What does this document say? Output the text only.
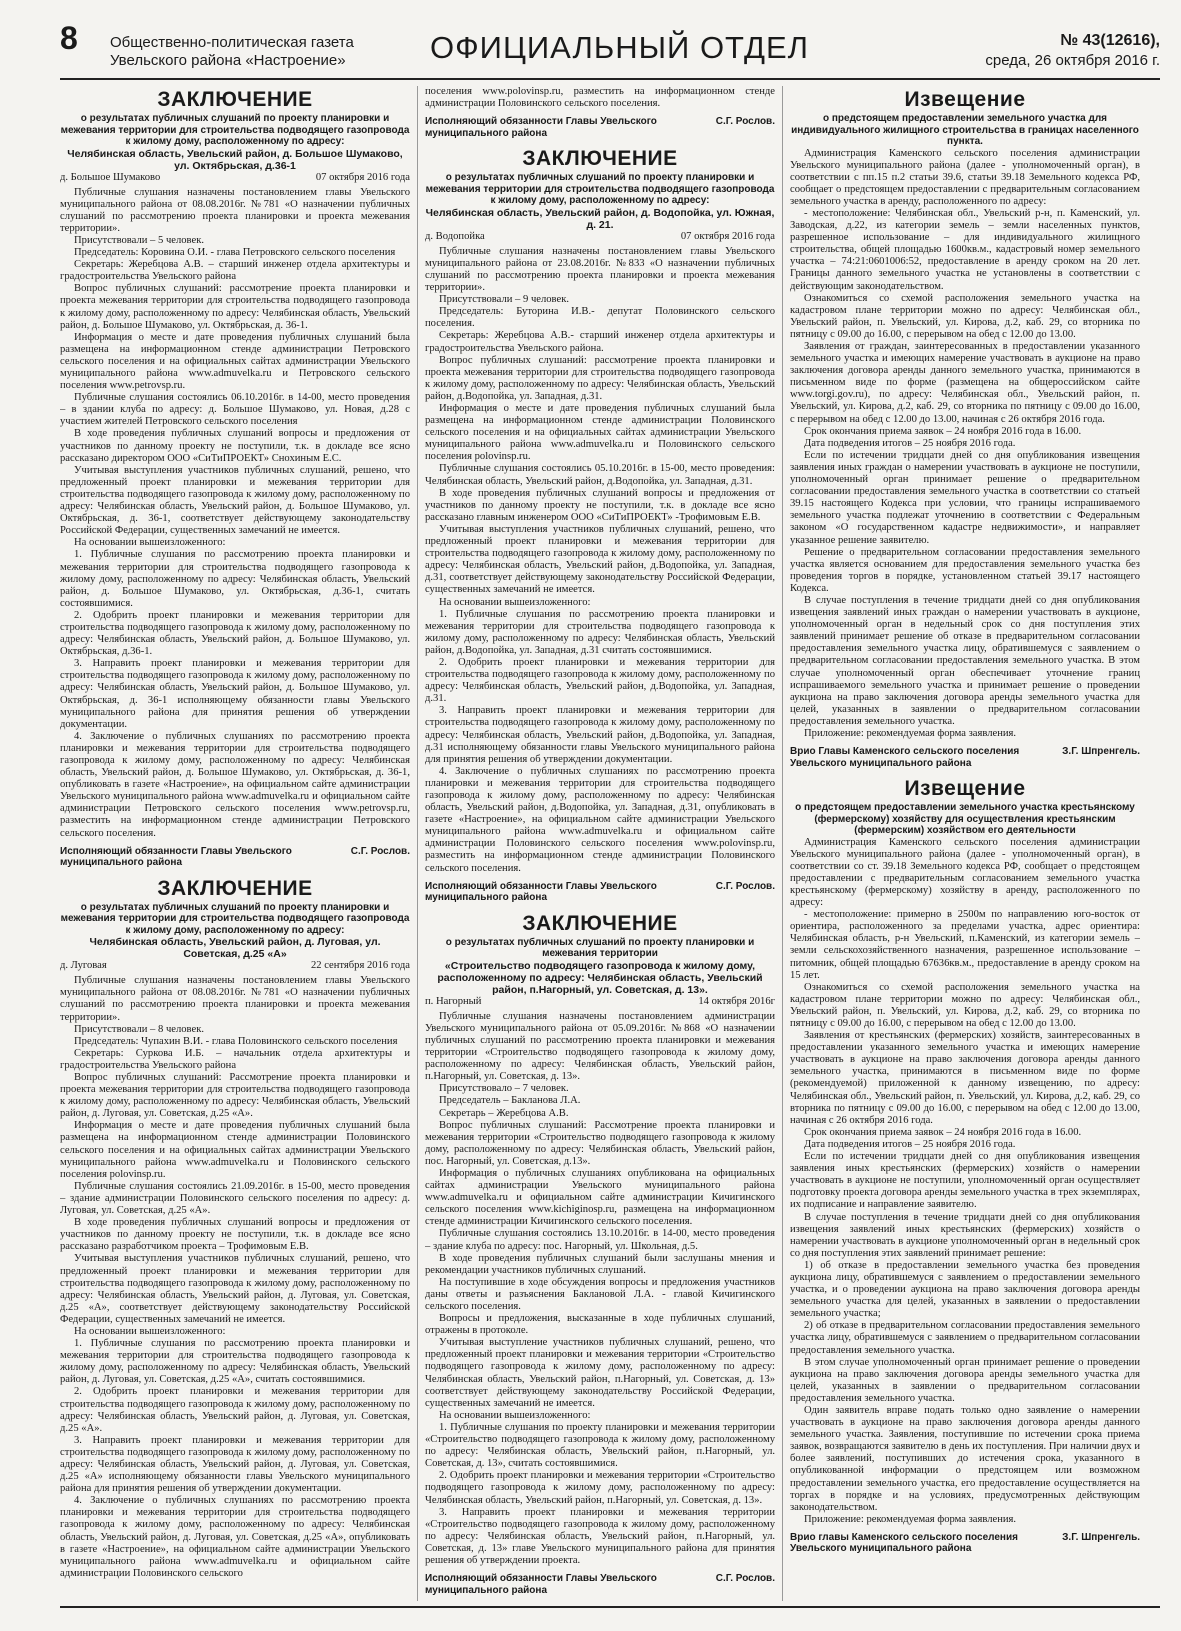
8 Общественно-политическая газета
Увельского района «Настроение»	ОФИЦИАЛЬНЫЙ ОТДЕЛ	№ 43(12616),
среда, 26 октября 2016 г.
ЗАКЛЮЧЕНИЕ
о результатах публичных слушаний по проекту планировки и межевания территории для строительства подводящего газопровода к жилому дому, расположенному по адресу:
Челябинская область, Увельский район, д. Большое Шумаково, ул. Октябрьская, д.36-1
д. Большое Шумаково	07 октября 2016 года

Публичные слушания назначены постановлением главы Увельского муниципального района от 08.08.2016г. №781 «О назначении публичных слушаний по рассмотрению проекта планировки и проекта межевания территории».

Присутствовали – 5 человек.

Председатель: Коровина О.И. - глава Петровского сельского поселения

Секретарь: Жеребцова А.В. – старший инженер отдела архитектуры и градостроительства Увельского района

Вопрос публичных слушаний: рассмотрение проекта планировки и проекта межевания территории для строительства подводящего газопровода к жилому дому, расположенному по адресу: Челябинская область, Увельский район, д. Большое Шумаково, ул. Октябрьская, д. 36-1.

Информация о месте и дате проведения публичных слушаний была размещена на информационном стенде администрации Петровского сельского поселения и на официальных сайтах администрации Увельского муниципального района www.admuvelka.ru и Петровского сельского поселения www.petrovsp.ru.

Публичные слушания состоялись 06.10.2016г. в 14-00, место проведения – в здании клуба по адресу: д. Большое Шумаково, ул. Новая, д.28 с участием жителей Петровского сельского поселения

В ходе проведения публичных слушаний вопросы и предложения от участников по данному проекту не поступили, т.к. в докладе все ясно рассказано директором ООО «СиТиПРОЕКТ» Снохиным Е.С.

Учитывая выступления участников публичных слушаний, решено, что предложенный проект планировки и межевания территории для строительства подводящего газопровода к жилому дому, расположенному по адресу: Челябинская область, Увельский район, д. Большое Шумаково, ул. Октябрьская, д. 36-1, соответствует действующему законодательству Российской Федерации, существенных замечаний не имеется.

На основании вышеизложенного:

1. Публичные слушания по рассмотрению проекта планировки и межевания территории для строительства подводящего газопровода к жилому дому, расположенному по адресу: Челябинская область, Увельский район, д. Большое Шумаково, ул. Октябрьская, д.36-1, считать состоявшимися.

2. Одобрить проект планировки и межевания территории для строительства подводящего газопровода к жилому дому, расположенному по адресу: Челябинская область, Увельский район, д. Большое Шумаково, ул. Октябрьская, д.36-1.

3. Направить проект планировки и межевания территории для строительства подводящего газопровода к жилому дому, расположенному по адресу: Челябинская область, Увельский район, д. Большое Шумаково, ул. Октябрьская, д. 36-1 исполняющему обязанности главы Увельского муниципального района для принятия решения об утверждении документации.

4. Заключение о публичных слушаниях по рассмотрению проекта планировки и межевания территории для строительства подводящего газопровода к жилому дому, расположенному по адресу: Челябинская область, Увельский район, д. Большое Шумаково, ул. Октябрьская, д. 36-1, опубликовать в газете «Настроение», на официальном сайте администрации Увельского муниципального района www.admuvelka.ru и официальном сайте администрации Петровского сельского поселения www.petrovsp.ru, разместить на информационном стенде администрации Петровского сельского поселения.

Исполняющий обязанности Главы Увельского муниципального района
С.Г. Рослов.
ЗАКЛЮЧЕНИЕ
о результатах публичных слушаний по проекту планировки и межевания территории для строительства подводящего газопровода к жилому дому, расположенному по адресу:
Челябинская область, Увельский район, д. Луговая, ул. Советская, д.25 «А»
д. Луговая	22 сентября 2016 года

Публичные слушания назначены постановлением главы Увельского муниципального района от 08.08.2016г. №781 «О назначении публичных слушаний по рассмотрению проекта планировки и проекта межевания территории».

Присутствовали – 8 человек.

Председатель: Чупахин В.И. - глава Половинского сельского поселения

Секретарь: Суркова И.Б. – начальник отдела архитектуры и градостроительства Увельского района

Вопрос публичных слушаний: Рассмотрение проекта планировки и проекта межевания территории для строительства подводящего газопровода к жилому дому, расположенному по адресу: Челябинская область, Увельский район, д. Луговая, ул. Советская, д.25 «А».

Информация о месте и дате проведения публичных слушаний была размещена на информационном стенде администрации Половинского сельского поселения и на официальных сайтах администрации Увельского муниципального района www.admuvelka.ru и Половинского сельского поселения polovinsp.ru.

Публичные слушания состоялись 21.09.2016г. в 15-00, место проведения – здание администрации Половинского сельского поселения по адресу: д. Луговая, ул. Советская, д.25 «А».

В ходе проведения публичных слушаний вопросы и предложения от участников по данному проекту не поступили, т.к. в докладе все ясно рассказано разработчиком проекта – Трофимовым Е.В.

Учитывая выступления участников публичных слушаний, решено, что предложенный проект планировки и межевания территории для строительства подводящего газопровода к жилому дому, расположенному по адресу: Челябинская область, Увельский район, д. Луговая, ул. Советская, д.25 «А», соответствует действующему законодательству Российской Федерации, существенных замечаний не имеется.

На основании вышеизложенного:

1. Публичные слушания по рассмотрению проекта планировки и межевания территории для строительства подводящего газопровода к жилому дому, расположенному по адресу: Челябинская область, Увельский район, д. Луговая, ул. Советская, д.25 «А», считать состоявшимися.

2. Одобрить проект планировки и межевания территории для строительства подводящего газопровода к жилому дому, расположенному по адресу: Челябинская область, Увельский район, д. Луговая, ул. Советская, д.25 «А».

3. Направить проект планировки и межевания территории для строительства подводящего газопровода к жилому дому, расположенному по адресу: Челябинская область, Увельский район, д. Луговая, ул. Советская, д.25 «А» исполняющему обязанности главы Увельского муниципального района для принятия решения об утверждении документации.

4. Заключение о публичных слушаниях по рассмотрению проекта планировки и межевания территории для строительства подводящего газопровода к жилому дому, расположенному по адресу: Челябинская область, Увельский район, д. Луговая, ул. Советская, д.25 «А», опубликовать в газете «Настроение», на официальном сайте администрации Увельского муниципального района www.admuvelka.ru и официальном сайте администрации Половинского сельского

поселения www.polovinsp.ru, разместить на информационном стенде администрации Половинского сельского поселения.

Исполняющий обязанности Главы Увельского муниципального района
С.Г. Рослов.
ЗАКЛЮЧЕНИЕ
о результатах публичных слушаний по проекту планировки и межевания территории для строительства подводящего газопровода к жилому дому, расположенному по адресу:
Челябинская область, Увельский район, д. Водопойка, ул. Южная, д. 21.
д. Водопойка	07 октября 2016 года

Публичные слушания назначены постановлением главы Увельского муниципального района от 23.08.2016г. №833 «О назначении публичных слушаний по рассмотрению проекта планировки и проекта межевания территории».

Присутствовали – 9 человек.

Председатель: Буторина И.В.- депутат Половинского сельского поселения.

Секретарь: Жеребцова А.В.- старший инженер отдела архитектуры и градостроительства Увельского района.

Вопрос публичных слушаний: рассмотрение проекта планировки и проекта межевания территории для строительства подводящего газопровода к жилому дому, расположенному по адресу: Челябинская область, Увельский район, д.Водопойка, ул. Западная, д.31.

Информация о месте и дате проведения публичных слушаний была размещена на информационном стенде администрации Половинского сельского поселения и на официальных сайтах администрации Увельского муниципального района www.admuvelka.ru и Половинского сельского поселения polovinsp.ru.

Публичные слушания состоялись 05.10.2016г. в 15-00, место проведения: Челябинская область, Увельский район, д.Водопойка, ул. Западная, д.31.

В ходе проведения публичных слушаний вопросы и предложения от участников по данному проекту не поступили, т.к. в докладе все ясно рассказано главным инженером ООО «СиТиПРОЕКТ» -Трофимовым Е.В.

Учитывая выступления участников публичных слушаний, решено, что предложенный проект планировки и межевания территории для строительства подводящего газопровода к жилому дому, расположенному по адресу: Челябинская область, Увельский район, д.Водопойка, ул. Западная, д.31, соответствует действующему законодательству Российской Федерации, существенных замечаний не имеется.

На основании вышеизложенного:

1. Публичные слушания по рассмотрению проекта планировки и межевания территории для строительства подводящего газопровода к жилому дому, расположенному по адресу: Челябинская область, Увельский район, д.Водопойка, ул. Западная, д.31 считать состоявшимися.

2. Одобрить проект планировки и межевания территории для строительства подводящего газопровода к жилому дому, расположенному по адресу: Челябинская область, Увельский район, д.Водопойка, ул. Западная, д.31.

3. Направить проект планировки и межевания территории для строительства подводящего газопровода к жилому дому, расположенному по адресу: Челябинская область, Увельский район, д.Водопойка, ул. Западная, д.31 исполняющему обязанности главы Увельского муниципального района для принятия решения об утверждении документации.

4. Заключение о публичных слушаниях по рассмотрению проекта планировки и межевания территории для строительства подводящего газопровода к жилому дому, расположенному по адресу: Челябинская область, Увельский район, д.Водопойка, ул. Западная, д.31, опубликовать в газете «Настроение», на официальном сайте администрации Увельского муниципального района www.admuvelka.ru и официальном сайте администрации Половинского сельского поселения www.polovinsp.ru, разместить на информационном стенде администрации Половинского сельского поселения.

Исполняющий обязанности Главы Увельского муниципального района
С.Г. Рослов.
ЗАКЛЮЧЕНИЕ
о результатах публичных слушаний по проекту планировки и межевания территории
«Строительство подводящего газопровода к жилому дому, расположенному по адресу: Челябинская область, Увельский район, п.Нагорный, ул. Советская, д. 13».
п. Нагорный	14 октября 2016г

Публичные слушания назначены постановлением администрации Увельского муниципального района от 05.09.2016г. №868 «О назначении публичных слушаний по рассмотрению проекта планировки и межевания территории «Строительство подводящего газопровода к жилому дому, расположенному по адресу: Челябинская область, Увельский район, п.Нагорный, ул. Советская, д. 13».

Присутствовало – 7 человек.

Председатель – Бакланова Л.А.

Секретарь – Жеребцова А.В.

Вопрос публичных слушаний: Рассмотрение проекта планировки и межевания территории «Строительство подводящего газопровода к жилому дому, расположенному по адресу: Челябинская область, Увельский район, пос. Нагорный, ул. Советская, д.13».

Информация о публичных слушаниях опубликована на официальных сайтах администрации Увельского муниципального района www.admuvelka.ru и официальном сайте администрации Кичигинского сельского поселения www.kichiginosp.ru, размещена на информационном стенде администрации Кичигинского сельского поселения.

Публичные слушания состоялись 13.10.2016г. в 14-00, место проведения – здание клуба по адресу: пос. Нагорный, ул. Школьная, д.5.

В ходе проведения публичных слушаний были заслушаны мнения и рекомендации участников публичных слушаний.

На поступившие в ходе обсуждения вопросы и предложения участников даны ответы и разъяснения Баклановой Л.А. - главой Кичигинского сельского поселения.

Вопросы и предложения, высказанные в ходе публичных слушаний, отражены в протоколе.

Учитывая выступление участников публичных слушаний, решено, что предложенный проект планировки и межевания территории «Строительство подводящего газопровода к жилому дому, расположенному по адресу: Челябинская область, Увельский район, п.Нагорный, ул. Советская, д. 13» соответствует действующему законодательству Российской Федерации, существенных замечаний не имеется.

На основании вышеизложенного:

1. Публичные слушания по проекту планировки и межевания территории «Строительство подводящего газопровода к жилому дому, расположенному по адресу: Челябинская область, Увельский район, п.Нагорный, ул. Советская, д. 13», считать состоявшимися.

2. Одобрить проект планировки и межевания территории «Строительство подводящего газопровода к жилому дому, расположенному по адресу: Челябинская область, Увельский район, п.Нагорный, ул. Советская, д. 13».

3. Направить проект планировки и межевания территории «Строительство подводящего газопровода к жилому дому, расположенному по адресу: Челябинская область, Увельский район, п.Нагорный, ул. Советская, д. 13» главе Увельского муниципального района для принятия решения об утверждении проекта.

Исполняющий обязанности Главы Увельского муниципального района
С.Г. Рослов.
Извещение
о предстоящем предоставлении земельного участка для индивидуального жилищного строительства в границах населенного пункта.

Администрация Каменского сельского поселения администрации Увельского муниципального района (далее - уполномоченный орган), в соответствии с пп.15 п.2 статьи 39.6, статьи 39.18 Земельного кодекса РФ, сообщает о предстоящем предоставлении с предварительным согласованием земельного участка в аренду, расположенного по адресу:

- местоположение: Челябинская обл., Увельский р-н, п. Каменский, ул. Заводская, д.22, из категории земель – земли населенных пунктов, разрешенное использование – для индивидуального жилищного строительства, общей площадью 1600кв.м., кадастровый номер земельного участка – 74:21:0601006:52, предоставление в аренду сроком на 20 лет. Границы данного земельного участка не установлены в соответствии с действующим законодательством.

Ознакомиться со схемой расположения земельного участка на кадастровом плане территории можно по адресу: Челябинская обл., Увельский район, п. Увельский, ул. Кирова, д.2, каб. 29, со вторника по пятницу с 09.00 до 16.00, с перерывом на обед с 12.00 до 13.00.

Заявления от граждан, заинтересованных в предоставлении указанного земельного участка и имеющих намерение участвовать в аукционе на право заключения договора аренды данного земельного участка, принимаются в письменном виде по форме (размещена на общероссийском сайте www.torgi.gov.ru), по адресу: Челябинская обл., Увельский район, п. Увельский, ул. Кирова, д.2, каб. 29, со вторника по пятницу с 09.00 до 16.00, с перерывом на обед с 12.00 до 13.00, начиная с 26 октября 2016 года.

Срок окончания приема заявок – 24 ноября 2016 года в 16.00.

Дата подведения итогов – 25 ноября 2016 года.

Если по истечении тридцати дней со дня опубликования извещения заявления иных граждан о намерении участвовать в аукционе не поступили, уполномоченный орган принимает решение о предварительном согласовании предоставления земельного участка в соответствии со статьей 39.15 настоящего Кодекса при условии, что границы испрашиваемого земельного участка подлежат уточнению в соответствии с Федеральным законом «О государственном кадастре недвижимости», и направляет указанное решение заявителю.

Решение о предварительном согласовании предоставления земельного участка является основанием для предоставления земельного участка без проведения торгов в порядке, установленном статьей 39.17 настоящего Кодекса.

В случае поступления в течение тридцати дней со дня опубликования извещения заявлений иных граждан о намерении участвовать в аукционе, уполномоченный орган в недельный срок со дня поступления этих заявлений принимает решение об отказе в предварительном согласовании предоставления земельного участка лицу, обратившемуся с заявлением о предварительном согласовании предоставления земельного участка. В этом случае уполномоченный орган обеспечивает уточнение границ испрашиваемого земельного участка и принимает решение о проведении аукциона на право заключения договора аренды земельного участка для целей, указанных в заявлении о предварительном согласовании предоставления земельного участка.

Приложение: рекомендуемая форма заявления.

Врио Главы Каменского сельского поселения Увельского муниципального района
З.Г. Шпренгель.
Извещение
о предстоящем предоставлении земельного участка крестьянскому (фермерскому) хозяйству для осуществления крестьянским (фермерским) хозяйством его деятельности

Администрация Каменского сельского поселения администрации Увельского муниципального района (далее - уполномоченный орган), в соответствии со ст. 39.18 Земельного кодекса РФ, сообщает о предстоящем предоставлении с предварительным согласованием земельного участка крестьянскому (фермерскому) хозяйству в аренду, расположенного по адресу:

- местоположение: примерно в 2500м по направлению юго-восток от ориентира, расположенного за пределами участка, адрес ориентира: Челябинская область, р-н Увельский, п.Каменский, из категории земель – земли сельскохозяйственного назначения, разрешенное использование – питомник, общей площадью 67636кв.м., предоставление в аренду сроком на 15 лет.

Ознакомиться со схемой расположения земельного участка на кадастровом плане территории можно по адресу: Челябинская обл., Увельский район, п. Увельский, ул. Кирова, д.2, каб. 29, со вторника по пятницу с 09.00 до 16.00, с перерывом на обед с 12.00 до 13.00.

Заявления от крестьянских (фермерских) хозяйств, заинтересованных в предоставлении указанного земельного участка и имеющих намерение участвовать в аукционе на право заключения договора аренды данного земельного участка, принимаются в письменном виде по форме (рекомендуемой) приложенной к данному извещению, по адресу: Челябинская обл., Увельский район, п. Увельский, ул. Кирова, д.2, каб. 29, со вторника по пятницу с 09.00 до 16.00, с перерывом на обед с 12.00 до 13.00, начиная с 26 октября 2016 года.

Срок окончания приема заявок – 24 ноября 2016 года в 16.00.

Дата подведения итогов – 25 ноября 2016 года.

Если по истечении тридцати дней со дня опубликования извещения заявления иных крестьянских (фермерских) хозяйств о намерении участвовать в аукционе не поступили, уполномоченный орган осуществляет подготовку проекта договора аренды земельного участка в трех экземплярах, их подписание и направление заявителю.

В случае поступления в течение тридцати дней со дня опубликования извещения заявлений иных крестьянских (фермерских) хозяйств о намерении участвовать в аукционе уполномоченный орган в недельный срок со дня поступления этих заявлений принимает решение:

1) об отказе в предоставлении земельного участка без проведения аукциона лицу, обратившемуся с заявлением о предоставлении земельного участка, и о проведении аукциона на право заключения договора аренды земельного участка для целей, указанных в заявлении о предоставлении земельного участка;

2) об отказе в предварительном согласовании предоставления земельного участка лицу, обратившемуся с заявлением о предварительном согласовании предоставления земельного участка.

В этом случае уполномоченный орган принимает решение о проведении аукциона на право заключения договора аренды земельного участка для целей, указанных в заявлении о предварительном согласовании предоставления земельного участка.

Один заявитель вправе подать только одно заявление о намерении участвовать в аукционе на право заключения договора аренды данного земельного участка. Заявления, поступившие по истечении срока приема заявок, возвращаются заявителю в день их поступления. При наличии двух и более заявлений, поступивших до истечения срока, указанного в опубликованной информации о предстоящем или возможном предоставлении земельного участка, его предоставление осуществляется на торгах в порядке и на условиях, предусмотренных действующим законодательством.

Приложение: рекомендуемая форма заявления.

Врио главы Каменского сельского поселения Увельского муниципального района
З.Г. Шпренгель.
